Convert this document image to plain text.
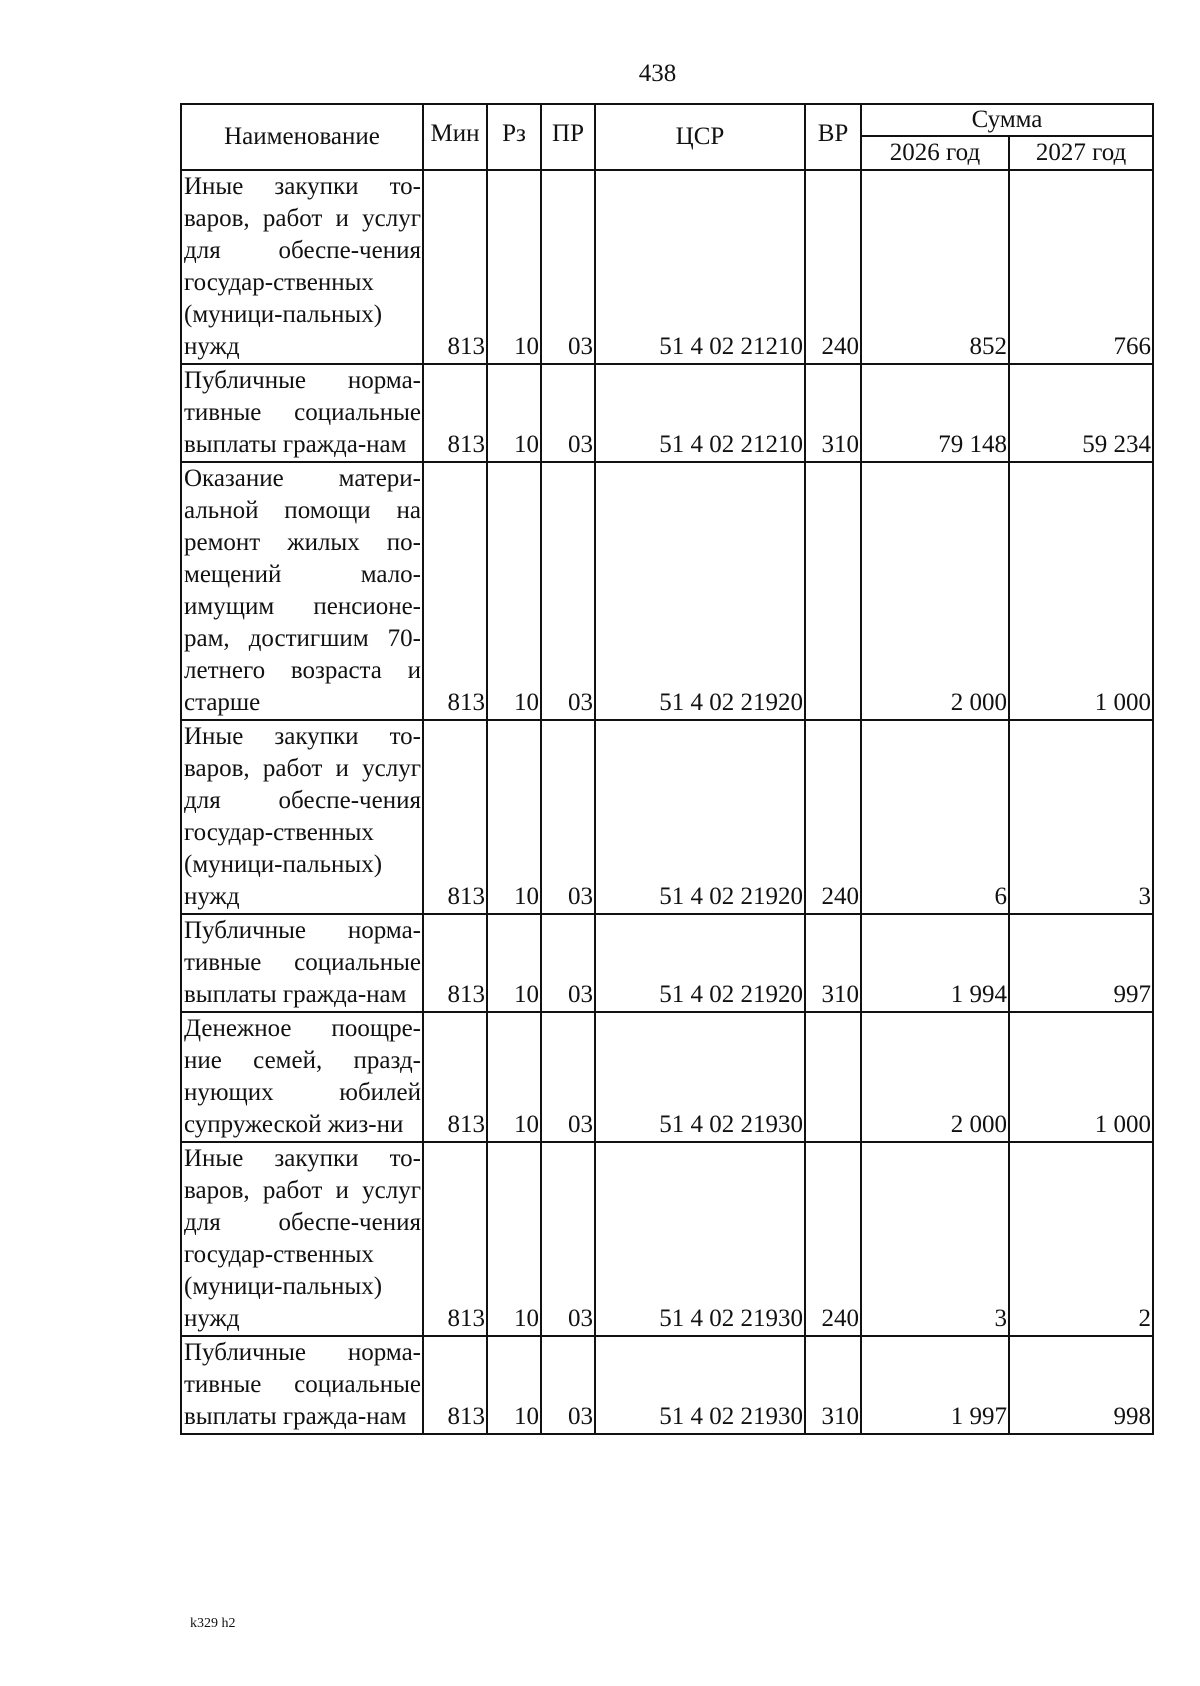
438
Наименование	Мин	Рз	ПР	ЦСР	ВР	Сумма	
						2026 год	2027 год
Иные закупки то-варов, работ и услуг для обеспе-чения государ-ственных (муници-пальных) нужд	813	10	03	51 4 02 21210	240	852	766
Публичные норма-тивные социальные выплаты гражда-нам	813	10	03	51 4 02 21210	310	79 148	59 234
Оказание матери-альной помощи на ремонт жилых по-мещений мало-имущим пенсионе-рам, достигшим 70-летнего возраста и старше	813	10	03	51 4 02 21920		2 000	1 000
Иные закупки то-варов, работ и услуг для обеспе-чения государ-ственных (муници-пальных) нужд	813	10	03	51 4 02 21920	240	6	3
Публичные норма-тивные социальные выплаты гражда-нам	813	10	03	51 4 02 21920	310	1 994	997
Денежное поощре-ние семей, празд-нующих юбилей супружеской жиз-ни	813	10	03	51 4 02 21930		2 000	1 000
Иные закупки то-варов, работ и услуг для обеспе-чения государ-ственных (муници-пальных) нужд	813	10	03	51 4 02 21930	240	3	2
Публичные норма-тивные социальные выплаты гражда-нам	813	10	03	51 4 02 21930	310	1 997	998
k329 h2
